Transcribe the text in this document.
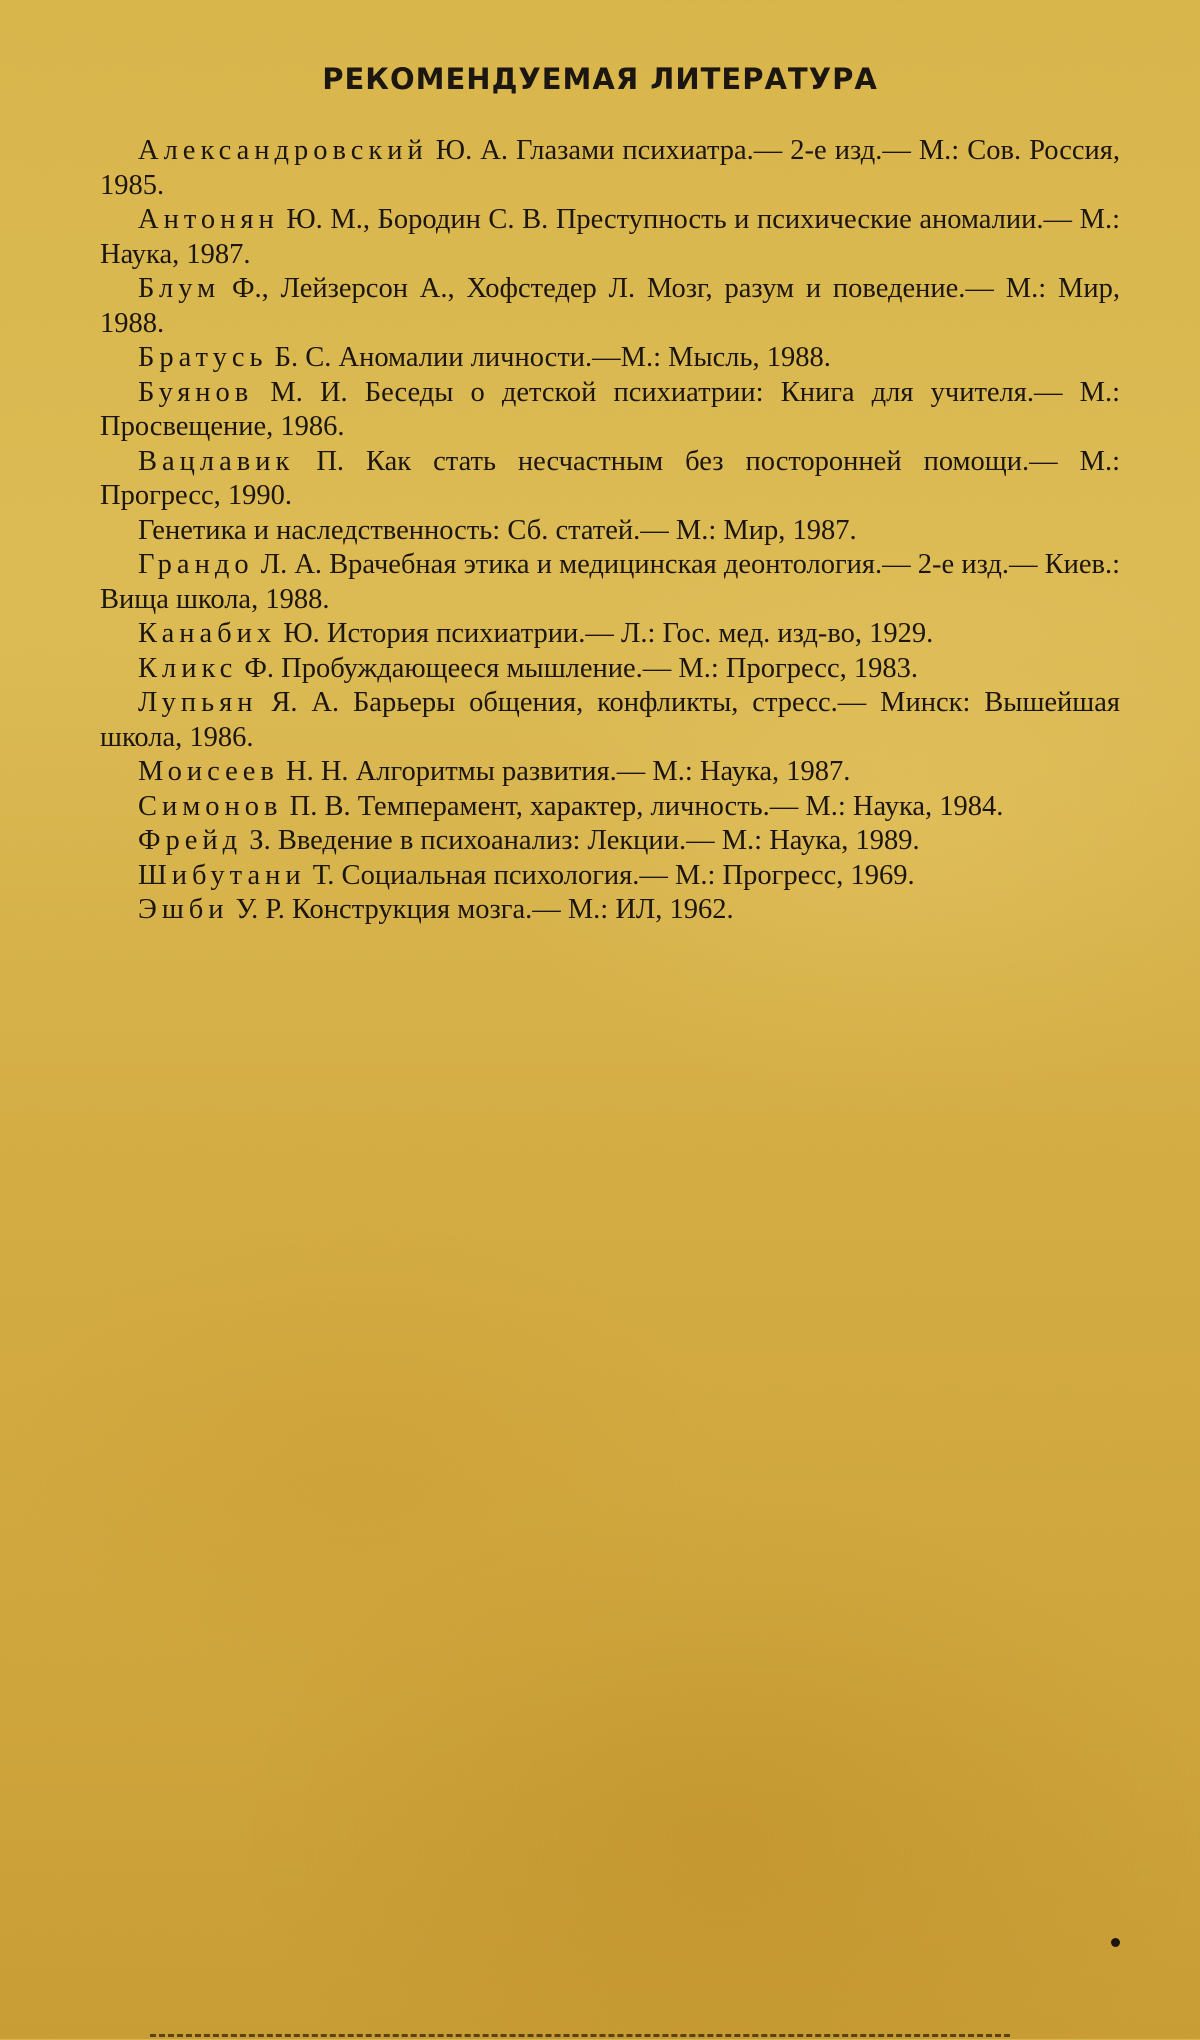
РЕКОМЕНДУЕМАЯ ЛИТЕРАТУРА

Александровский Ю. А. Глазами психиатра.— 2-е изд.— М.: Сов. Россия, 1985.

Антонян Ю. М., Бородин С. В. Преступность и психические аномалии.— М.: Наука, 1987.

Блум Ф., Лейзерсон А., Хофстедер Л. Мозг, разум и поведение.— М.: Мир, 1988.

Братусь Б. С. Аномалии личности.—М.: Мысль, 1988.

Буянов М. И. Беседы о детской психиатрии: Книга для учителя.— М.: Просвещение, 1986.

Вацлавик П. Как стать несчастным без посторонней помощи.— М.: Прогресс, 1990.

Генетика и наследственность: Сб. статей.— М.: Мир, 1987.

Грандо Л. А. Врачебная этика и медицинская деонтология.— 2-е изд.— Киев.: Вища школа, 1988.

Канабих Ю. История психиатрии.— Л.: Гос. мед. изд-во, 1929.

Кликс Ф. Пробуждающееся мышление.— М.: Прогресс, 1983.

Лупьян Я. А. Барьеры общения, конфликты, стресс.— Минск: Вышейшая школа, 1986.

Моисеев Н. Н. Алгоритмы развития.— М.: Наука, 1987.

Симонов П. В. Темперамент, характер, личность.— М.: Наука, 1984.

Фрейд З. Введение в психоанализ: Лекции.— М.: Наука, 1989.

Шибутани Т. Социальная психология.— М.: Прогресс, 1969.

Эшби У. Р. Конструкция мозга.— М.: ИЛ, 1962.
